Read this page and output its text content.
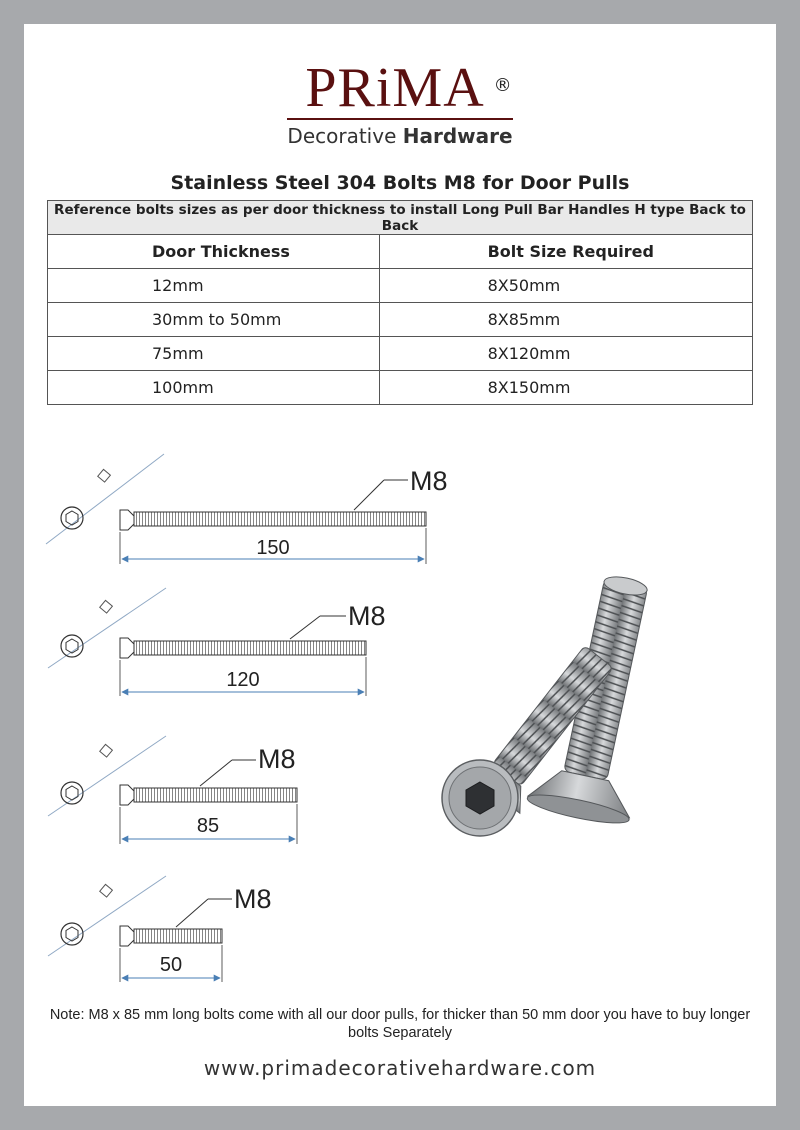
PRiMA ®
Decorative Hardware
Stainless Steel 304 Bolts M8 for Door Pulls
Reference bolts sizes as per door thickness to install Long Pull Bar Handles H type Back to Back	
Door Thickness	Bolt Size Required
12mm	8X50mm
30mm to 50mm	8X85mm
75mm	8X120mm
100mm	8X150mm
M8
150
M8
120
M8
85
M8
50
Note: M8 x 85 mm long bolts come with all our door pulls, for thicker than 50 mm door you have to buy longer bolts Separately
www.primadecorativehardware.com
